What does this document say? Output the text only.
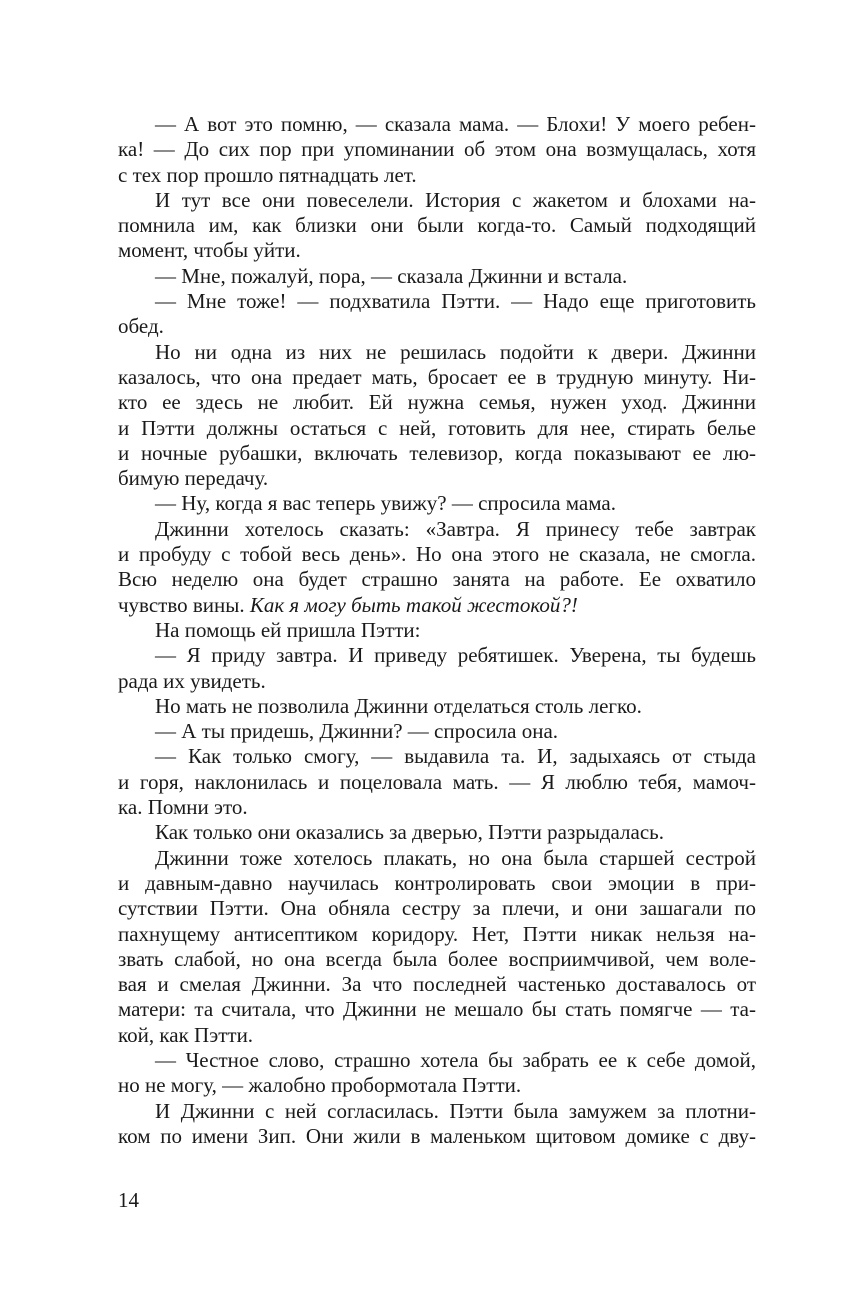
— А вот это помню, — сказала мама. — Блохи! У моего ребен-
ка! — До сих пор при упоминании об этом она возмущалась, хотя
с тех пор прошло пятнадцать лет.
И тут все они повеселели. История с жакетом и блохами на-
помнила им, как близки они были когда-то. Самый подходящий
момент, чтобы уйти.
— Мне, пожалуй, пора, — сказала Джинни и встала.
— Мне тоже! — подхватила Пэтти. — Надо еще приготовить
обед.
Но ни одна из них не решилась подойти к двери. Джинни
казалось, что она предает мать, бросает ее в трудную минуту. Ни-
кто ее здесь не любит. Ей нужна семья, нужен уход. Джинни
и Пэтти должны остаться с ней, готовить для нее, стирать белье
и ночные рубашки, включать телевизор, когда показывают ее лю-
бимую передачу.
— Ну, когда я вас теперь увижу? — спросила мама.
Джинни хотелось сказать: «Завтра. Я принесу тебе завтрак
и пробуду с тобой весь день». Но она этого не сказала, не смогла.
Всю неделю она будет страшно занята на работе. Ее охватило
чувство вины. Как я могу быть такой жестокой?!
На помощь ей пришла Пэтти:
— Я приду завтра. И приведу ребятишек. Уверена, ты будешь
рада их увидеть.
Но мать не позволила Джинни отделаться столь легко.
— А ты придешь, Джинни? — спросила она.
— Как только смогу, — выдавила та. И, задыхаясь от стыда
и горя, наклонилась и поцеловала мать. — Я люблю тебя, мамоч-
ка. Помни это.
Как только они оказались за дверью, Пэтти разрыдалась.
Джинни тоже хотелось плакать, но она была старшей сестрой
и давным-давно научилась контролировать свои эмоции в при-
сутствии Пэтти. Она обняла сестру за плечи, и они зашагали по
пахнущему антисептиком коридору. Нет, Пэтти никак нельзя на-
звать слабой, но она всегда была более восприимчивой, чем воле-
вая и смелая Джинни. За что последней частенько доставалось от
матери: та считала, что Джинни не мешало бы стать помягче — та-
кой, как Пэтти.
— Честное слово, страшно хотела бы забрать ее к себе домой,
но не могу, — жалобно пробормотала Пэтти.
И Джинни с ней согласилась. Пэтти была замужем за плотни-
ком по имени Зип. Они жили в маленьком щитовом домике с дву-
14
